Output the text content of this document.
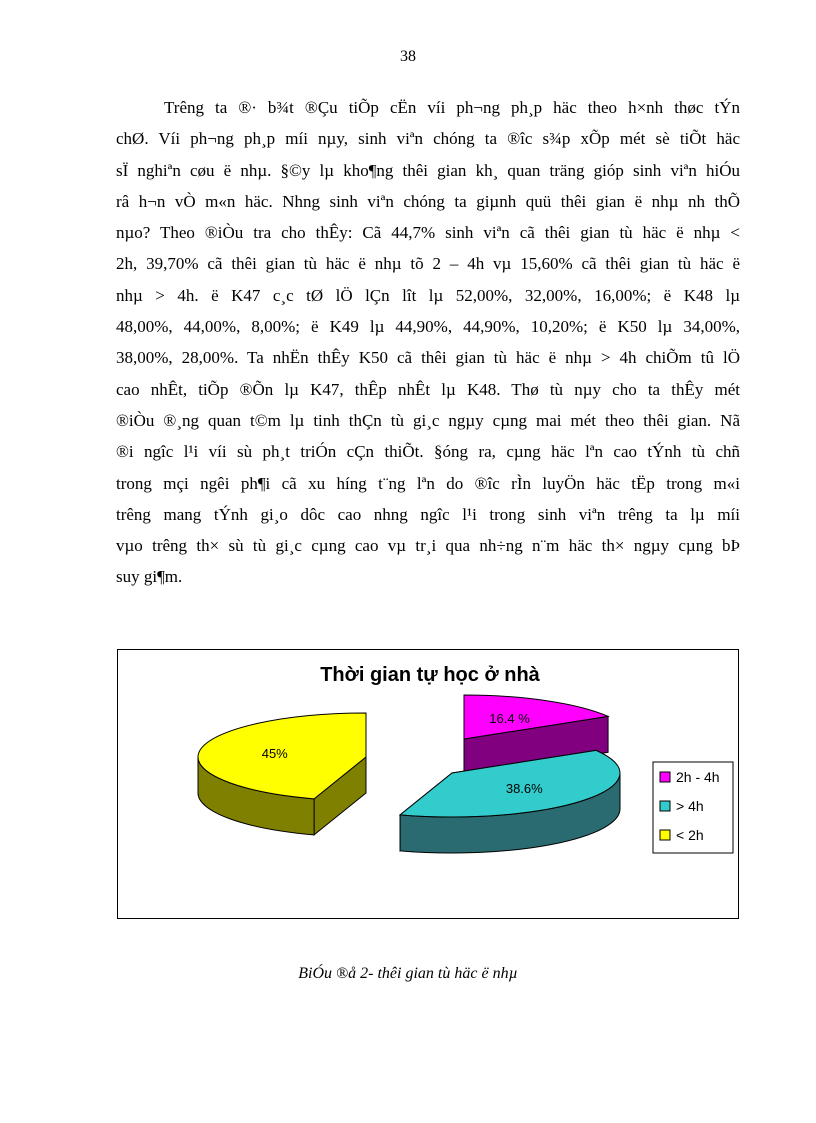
38
Trêng ta ®· b¾t ®Çu tiÕp cËn víi ph¬ng ph¸p häc theo h×nh thøc tÝn
chØ. Víi ph¬ng ph¸p míi nµy, sinh viªn chóng ta ®îc s¾p xÕp mét sè tiÕt häc
sÏ nghiªn cøu ë nhµ. §©y lµ kho¶ng thêi gian kh¸ quan träng gióp sinh viªn hiÓu
râ h¬n vÒ m«n häc. Nhng sinh viªn chóng ta giµnh quü thêi gian ë nhµ nh thÕ
nµo? Theo ®iÒu tra cho thÊy: Cã 44,7% sinh viªn cã thêi gian tù häc ë nhµ <
2h, 39,70% cã thêi gian tù häc ë nhµ tõ 2 – 4h vµ 15,60% cã thêi gian tù häc ë
nhµ > 4h. ë K47 c¸c tØ lÖ lÇn lît lµ 52,00%, 32,00%, 16,00%; ë K48 lµ
48,00%, 44,00%, 8,00%; ë K49 lµ 44,90%, 44,90%, 10,20%; ë K50 lµ 34,00%,
38,00%, 28,00%. Ta nhËn thÊy K50 cã thêi gian tù häc ë nhµ > 4h chiÕm tû lÖ
cao nhÊt, tiÕp ®Õn lµ K47, thÊp nhÊt lµ K48. Thø tù nµy cho ta thÊy mét
®iÒu ®¸ng quan t©m lµ tinh thÇn tù gi¸c ngµy cµng mai mét theo thêi gian. Nã
®i ngîc l¹i víi sù ph¸t triÓn cÇn thiÕt. §óng ra, cµng häc lªn cao tÝnh tù chñ
trong mçi ngêi ph¶i cã xu híng t¨ng lªn do ®îc rÌn luyÖn häc tËp trong m«i
trêng mang tÝnh gi¸o dôc cao nhng ngîc l¹i trong sinh viªn trêng ta lµ míi
vµo trêng th× sù tù gi¸c cµng cao vµ tr¸i qua nh÷ng n¨m häc th× ngµy cµng bÞ
suy gi¶m.
Thời gian tự học ở nhà
16.4 %
38.6%
45%
2h - 4h
> 4h
< 2h
BiÓu ®å 2- thêi gian tù häc ë nhµ
